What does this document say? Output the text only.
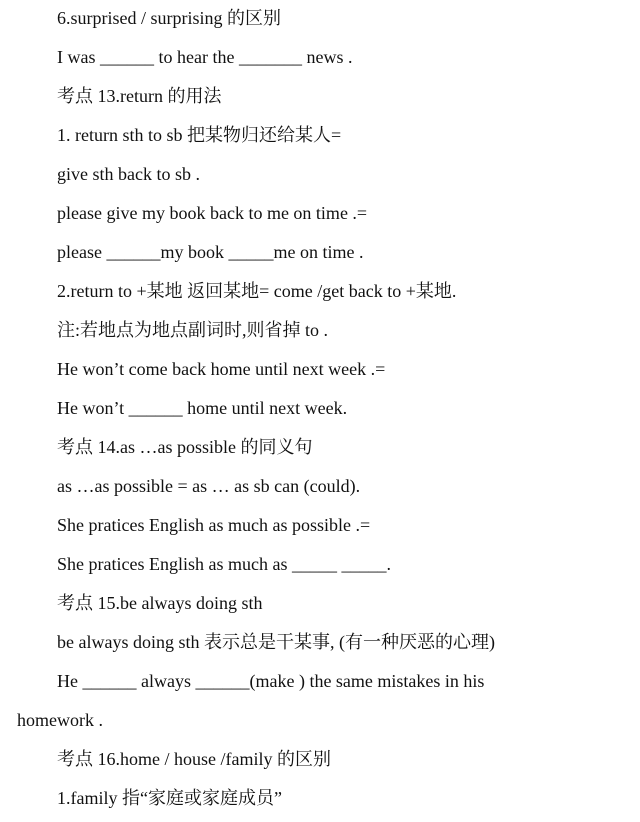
6.surprised / surprising 的区别
I was ______ to hear the _______ news .
考点 13.return 的用法
1. return sth to sb 把某物归还给某人=
give sth back to sb .
please give my book back to me on time .=
please ______my book _____me on time .
2.return to +某地 返回某地= come /get back to +某地.
注:若地点为地点副词时,则省掉 to .
He won’t come back home until next week .=
He won’t ______ home until next week.
考点 14.as …as possible 的同义句
as …as possible = as … as sb can (could).
She pratices English as much as possible .=
She pratices English as much as _____ _____.
考点 15.be always doing sth
be always doing sth 表示总是干某事, (有一种厌恶的心理)
He ______ always ______(make ) the same mistakes in his
homework .
考点 16.home / house /family 的区别
1.family 指“家庭或家庭成员”
